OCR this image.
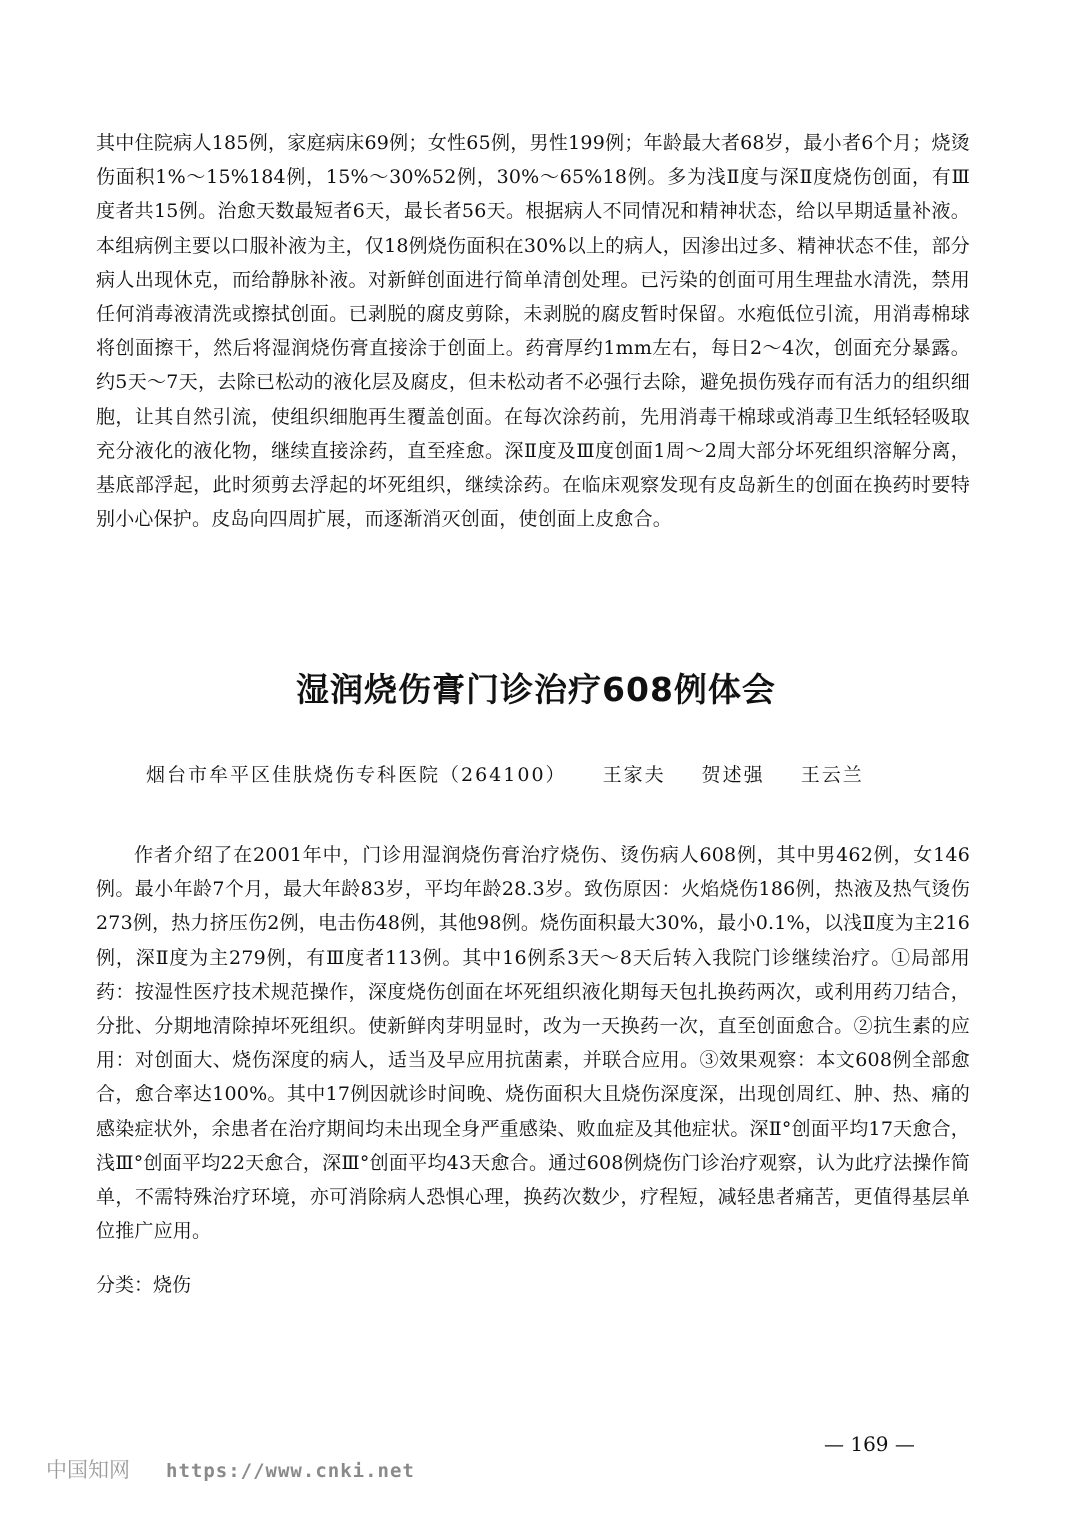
其中住院病人185例，家庭病床69例；女性65例，男性199例；年龄最大者68岁，最小者6个月；烧烫伤面积1%～15%184例，15%～30%52例，30%～65%18例。多为浅Ⅱ度与深Ⅱ度烧伤创面，有Ⅲ度者共15例。治愈天数最短者6天，最长者56天。根据病人不同情况和精神状态，给以早期适量补液。本组病例主要以口服补液为主，仅18例烧伤面积在30%以上的病人，因渗出过多、精神状态不佳，部分病人出现休克，而给静脉补液。对新鲜创面进行简单清创处理。已污染的创面可用生理盐水清洗，禁用任何消毒液清洗或擦拭创面。已剥脱的腐皮剪除，未剥脱的腐皮暂时保留。水疱低位引流，用消毒棉球将创面擦干，然后将湿润烧伤膏直接涂于创面上。药膏厚约1mm左右，每日2～4次，创面充分暴露。约5天～7天，去除已松动的液化层及腐皮，但未松动者不必强行去除，避免损伤残存而有活力的组织细胞，让其自然引流，使组织细胞再生覆盖创面。在每次涂药前，先用消毒干棉球或消毒卫生纸轻轻吸取充分液化的液化物，继续直接涂药，直至痊愈。深Ⅱ度及Ⅲ度创面1周～2周大部分坏死组织溶解分离，基底部浮起，此时须剪去浮起的坏死组织，继续涂药。在临床观察发现有皮岛新生的创面在换药时要特别小心保护。皮岛向四周扩展，而逐渐消灭创面，使创面上皮愈合。

湿润烧伤膏门诊治疗608例体会
烟台市牟平区佳肤烧伤专科医院（264100） 王家夫 贺述强 王云兰

作者介绍了在2001年中，门诊用湿润烧伤膏治疗烧伤、烫伤病人608例，其中男462例，女146例。最小年龄7个月，最大年龄83岁，平均年龄28.3岁。致伤原因：火焰烧伤186例，热液及热气烫伤273例，热力挤压伤2例，电击伤48例，其他98例。烧伤面积最大30%，最小0.1%，以浅Ⅱ度为主216例，深Ⅱ度为主279例，有Ⅲ度者113例。其中16例系3天～8天后转入我院门诊继续治疗。①局部用药：按湿性医疗技术规范操作，深度烧伤创面在坏死组织液化期每天包扎换药两次，或利用药刀结合，分批、分期地清除掉坏死组织。使新鲜肉芽明显时，改为一天换药一次，直至创面愈合。②抗生素的应用：对创面大、烧伤深度的病人，适当及早应用抗菌素，并联合应用。③效果观察：本文608例全部愈合，愈合率达100%。其中17例因就诊时间晚、烧伤面积大且烧伤深度深，出现创周红、肿、热、痛的感染症状外，余患者在治疗期间均未出现全身严重感染、败血症及其他症状。深Ⅱ°创面平均17天愈合，浅Ⅲ°创面平均22天愈合，深Ⅲ°创面平均43天愈合。通过608例烧伤门诊治疗观察，认为此疗法操作简单，不需特殊治疗环境，亦可消除病人恐惧心理，换药次数少，疗程短，减轻患者痛苦，更值得基层单位推广应用。

分类：烧伤
— 169 —
中国知网 https://www.cnki.net
